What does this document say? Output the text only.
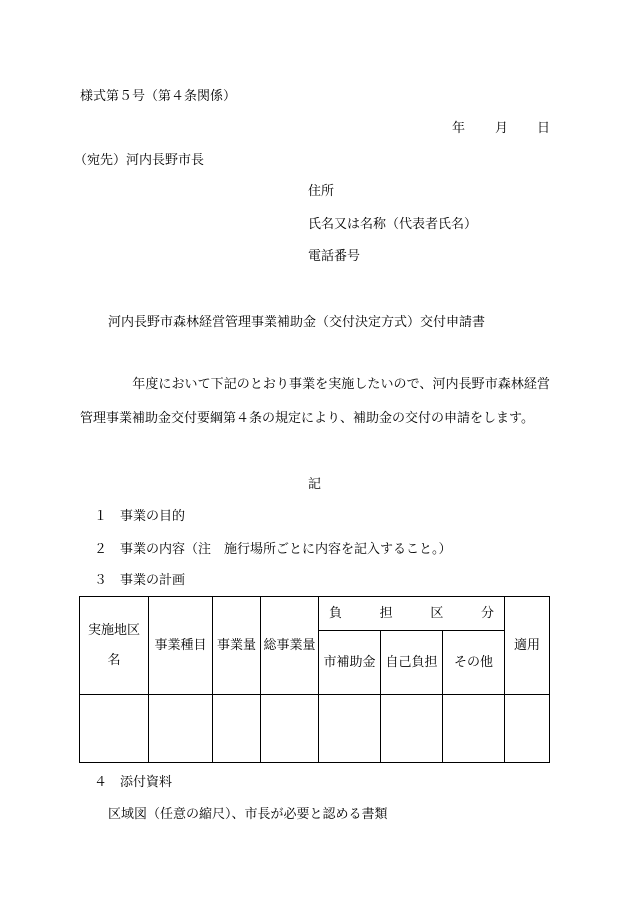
様式第５号（第４条関係）
年 月 日
（宛先）河内長野市長
住所
氏名又は名称（代表者氏名）
電話番号
河内長野市森林経営管理事業補助金（交付決定方式）交付申請書
　　　　年度において下記のとおり事業を実施したいので、河内長野市森林経営管理事業補助金交付要綱第４条の規定により、補助金の交付の申請をします。
記
１　事業の目的
２　事業の内容（注　施行場所ごとに内容を記入すること。）
３　事業の計画
実施地区名	事業種目	事業量	総事業量	負担区分			適用
				市補助金	自己負担	その他	

４　添付資料
区域図（任意の縮尺）、市長が必要と認める書類
